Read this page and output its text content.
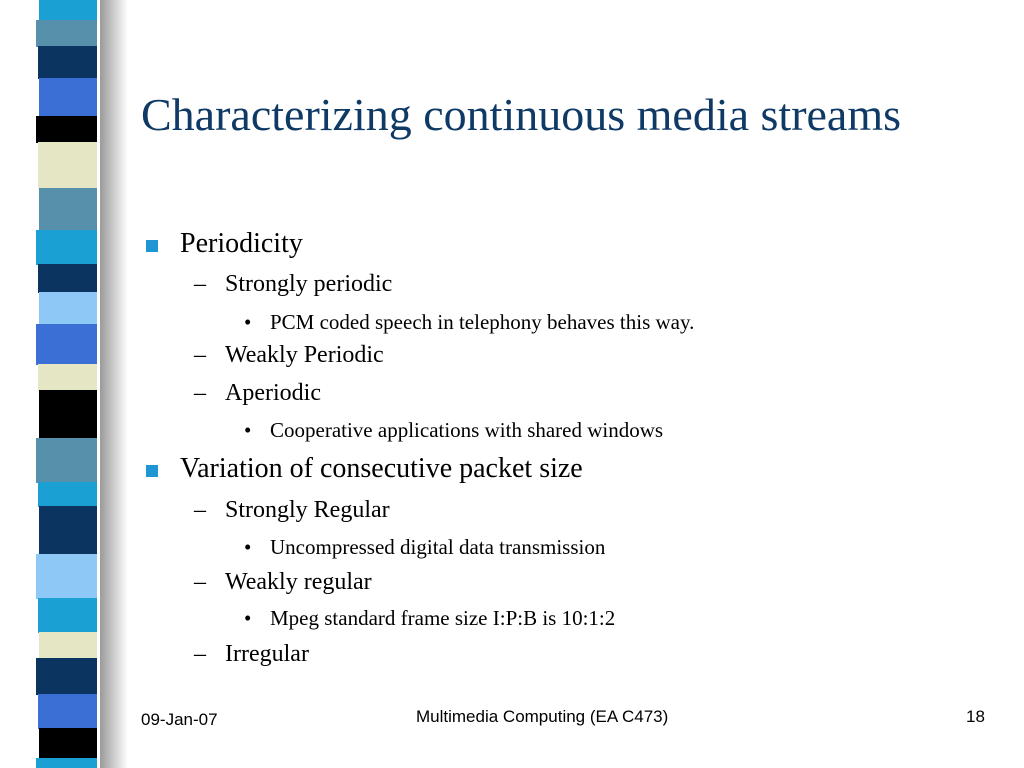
Characterizing continuous media streams
Periodicity
– Strongly periodic
• PCM coded speech in telephony behaves this way.
– Weakly Periodic
– Aperiodic
• Cooperative applications with shared windows
Variation of consecutive packet size
– Strongly Regular
• Uncompressed digital data transmission
– Weakly regular
• Mpeg standard frame size I:P:B is 10:1:2
– Irregular
09-Jan-07	Multimedia Computing (EA C473)	18
